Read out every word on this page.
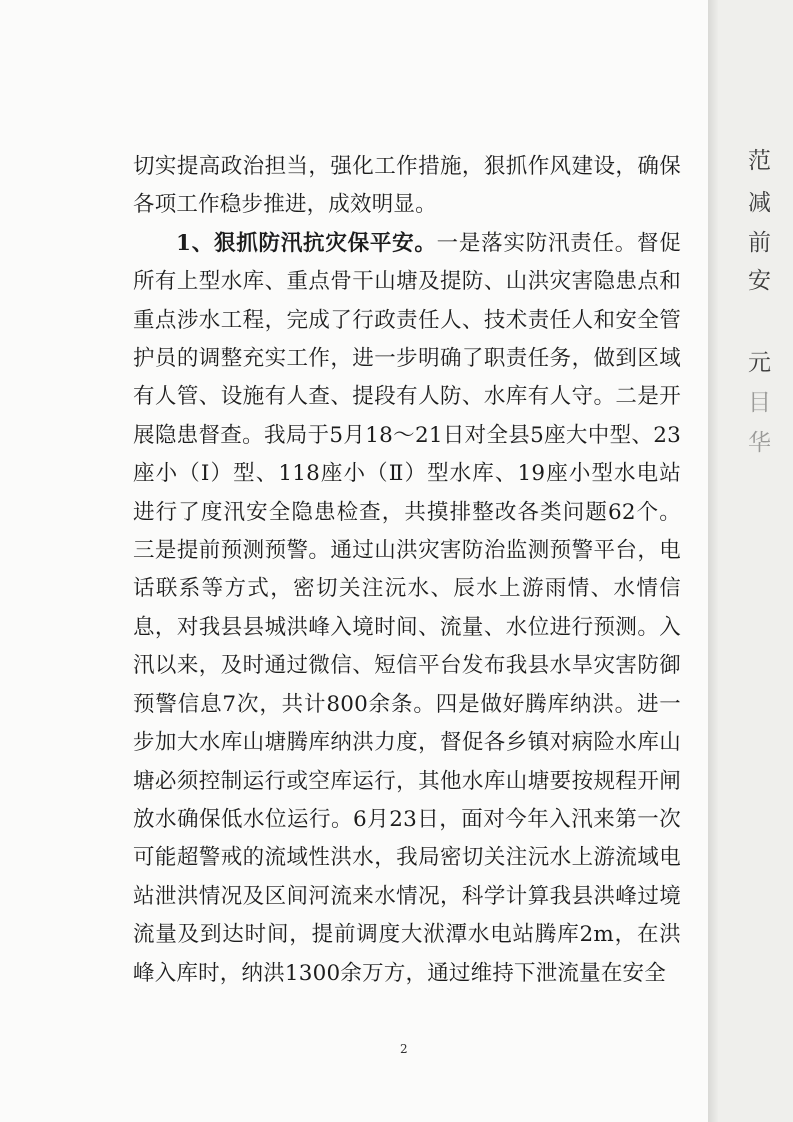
切实提高政治担当，强化工作措施，狠抓作风建设，确保各项工作稳步推进，成效明显。

1、狠抓防汛抗灾保平安。一是落实防汛责任。督促所有上型水库、重点骨干山塘及提防、山洪灾害隐患点和重点涉水工程，完成了行政责任人、技术责任人和安全管护员的调整充实工作，进一步明确了职责任务，做到区域有人管、设施有人查、提段有人防、水库有人守。二是开展隐患督查。我局于5月18～21日对全县5座大中型、23座小（Ⅰ）型、118座小（Ⅱ）型水库、19座小型水电站进行了度汛安全隐患检查，共摸排整改各类问题62个。三是提前预测预警。通过山洪灾害防治监测预警平台，电话联系等方式，密切关注沅水、辰水上游雨情、水情信息，对我县县城洪峰入境时间、流量、水位进行预测。入汛以来，及时通过微信、短信平台发布我县水旱灾害防御预警信息7次，共计800余条。四是做好腾库纳洪。进一步加大水库山塘腾库纳洪力度，督促各乡镇对病险水库山塘必须控制运行或空库运行，其他水库山塘要按规程开闸放水确保低水位运行。6月23日，面对今年入汛来第一次可能超警戒的流域性洪水，我局密切关注沅水上游流域电站泄洪情况及区间河流来水情况，科学计算我县洪峰过境流量及到达时间，提前调度大洑潭水电站腾库2m，在洪峰入库时，纳洪1300余万方，通过维持下泄流量在安全

2
范
减
前
安
元
目
华
